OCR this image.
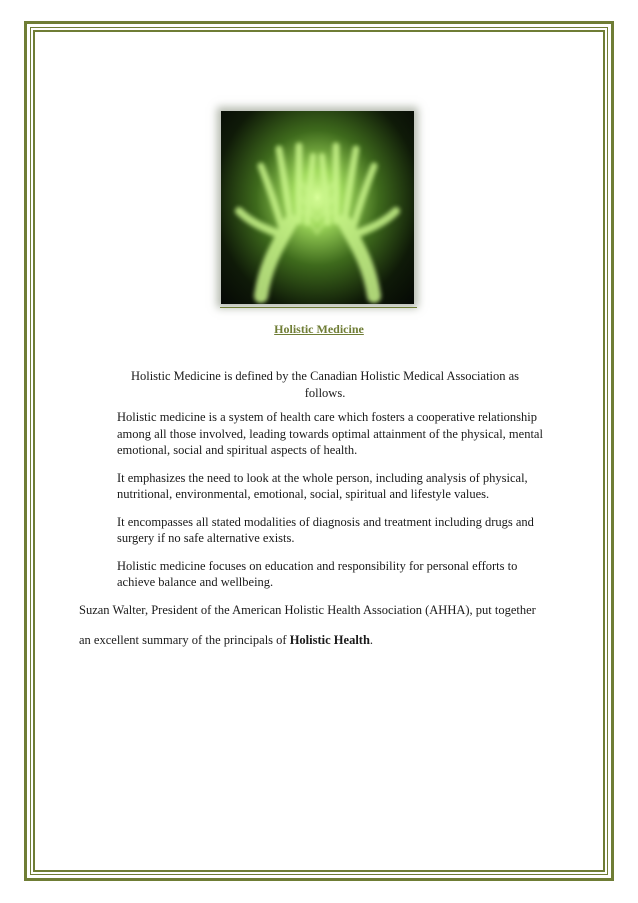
Holistic Medicine
Holistic Medicine is defined by the Canadian Holistic Medical Association as follows.

Holistic medicine is a system of health care which fosters a cooperative relationship among all those involved, leading towards optimal attainment of the physical, mental emotional, social and spiritual aspects of health.

It emphasizes the need to look at the whole person, including analysis of physical, nutritional, environmental, emotional, social, spiritual and lifestyle values.

It encompasses all stated modalities of diagnosis and treatment including drugs and surgery if no safe alternative exists.

Holistic medicine focuses on education and responsibility for personal efforts to achieve balance and wellbeing.

Suzan Walter, President of the American Holistic Health Association (AHHA), put together

an excellent summary of the principals of Holistic Health.
